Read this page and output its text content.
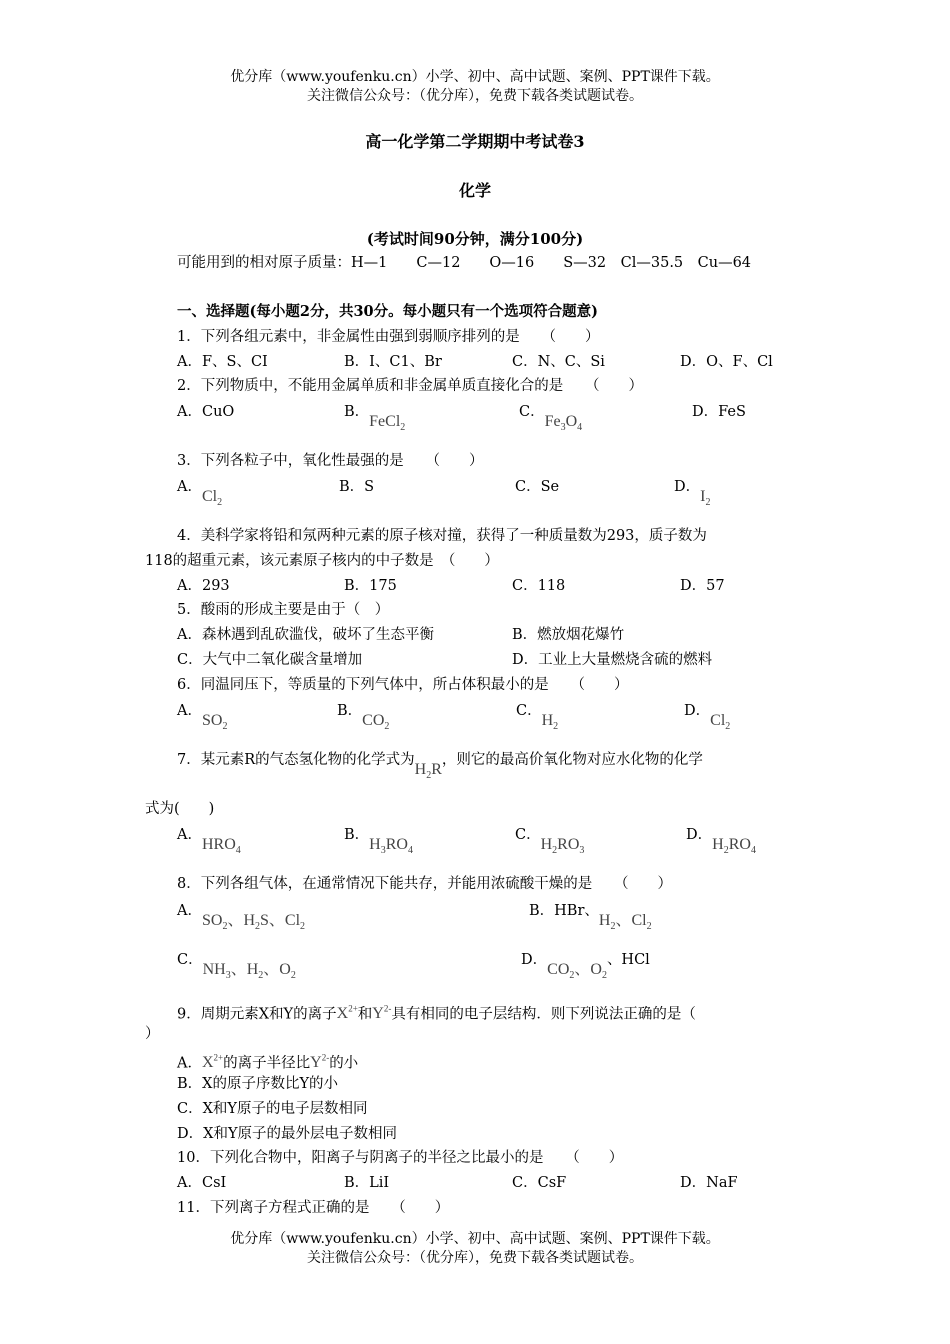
优分库（www.youfenku.cn）小学、初中、高中试题、案例、PPT课件下载。
关注微信公众号：（优分库），免费下载各类试题试卷。
高一化学第二学期期中考试卷3
化学
(考试时间90分钟，满分100分)
可能用到的相对原子质量：H—1　　C—12　　O—16　　S—32　Cl—35.5　Cu—64
一、选择题(每小题2分，共30分。每小题只有一个选项符合题意)
1．下列各组元素中，非金属性由强到弱顺序排列的是　　（　　）
A．F、S、CI	B．I、C1、Br	C．N、C、Si	D．O、F、Cl
2．下列物质中，不能用金属单质和非金属单质直接化合的是　　（　　）
A．CuO	B．FeCl$_2$
C．$Fe_3O_4$
D．FeS
3．下列各粒子中，氧化性最强的是　　（　　）
A．$Cl_2$
B．S	C．Se	D．$I_2$
4．美科学家将铅和氖两种元素的原子核对撞，获得了一种质量数为293，质子数为
118的超重元素，该元素原子核内的中子数是　（　　）
A．293	B．175	C．118	D．57
5．酸雨的形成主要是由于（　）
A．森林遇到乱砍滥伐，破坏了生态平衡	B．燃放烟花爆竹
C．大气中二氧化碳含量增加	D．工业上大量燃烧含硫的燃料
6．同温同压下，等质量的下列气体中，所占体积最小的是　　（　　）
A．$SO_2$
B．$CO_2$
C．$H_2$
D．$Cl_2$
7．某元素R的气态氢化物的化学式为$H_2R$，则它的最高价氧化物对应水化物的化学
式为(　　)
A．$HRO_4$
B．$H_3RO_4$
C．$H_2RO_3$
D．$H_2RO_4$
8．下列各组气体，在通常情况下能共存，并能用浓硫酸干燥的是　　（　　）
A．$SO_2$、$H_2S$、$Cl_2$
B．HBr、$H_2$、$Cl_2$
C．$NH_3$、$H_2$、$O_2$
D．$CO_2$、$O_2$、HCl
9．周期元素X和Y的离子$X^{2+}$和$Y^{2-}$具有相同的电子层结构．则下列说法正确的是（
）
A．$X^{2+}$的离子半径比$Y^{2-}$的小
B．X的原子序数比Y的小
C．X和Y原子的电子层数相同
D．X和Y原子的最外层电子数相同
10．下列化合物中，阳离子与阴离子的半径之比最小的是　　（　　）
A．CsI	B．LiI	C．CsF	D．NaF
11．下列离子方程式正确的是　　（　　）
优分库（www.youfenku.cn）小学、初中、高中试题、案例、PPT课件下载。
关注微信公众号：（优分库），免费下载各类试题试卷。
